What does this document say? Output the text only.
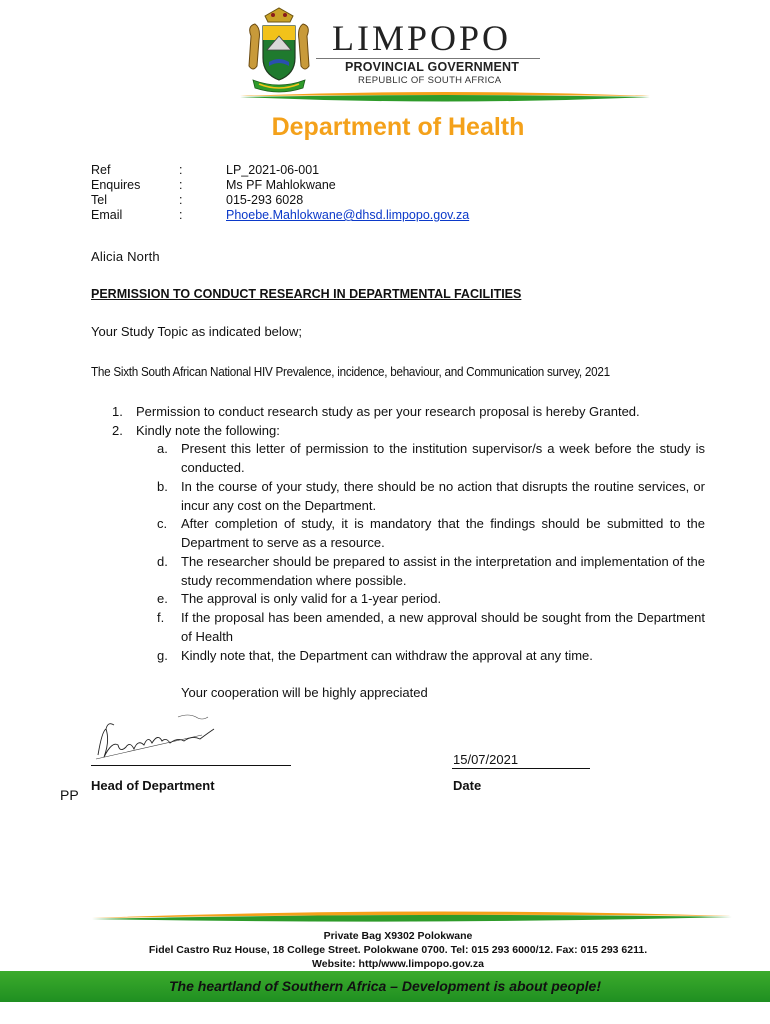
LIMPOPO
PROVINCIAL GOVERNMENT
REPUBLIC OF SOUTH AFRICA
Department of Health
Ref	:	LP_2021-06-001
Enquires	:	Ms PF Mahlokwane
Tel	:	015-293 6028
Email	:	Phoebe.Mahlokwane@dhsd.limpopo.gov.za
Alicia North
PERMISSION TO CONDUCT RESEARCH IN DEPARTMENTAL FACILITIES
Your Study Topic as indicated below;
The Sixth South African National HIV Prevalence, incidence, behaviour, and Communication survey, 2021
1. Permission to conduct research study as per your research proposal is hereby Granted.
2. Kindly note the following:
a.	Present this letter of permission to the institution supervisor/s a week before the study is conducted.
b.	In the course of your study, there should be no action that disrupts the routine services, or incur any cost on the Department.
c.	After completion of study, it is mandatory that the findings should be submitted to the Department to serve as a resource.
d.	The researcher should be prepared to assist in the interpretation and implementation of the study recommendation where possible.
e.	The approval is only valid for a 1-year period.
f.	If the proposal has been amended, a new approval should be sought from the Department of Health
g.	Kindly note that, the Department can withdraw the approval at any time.
Your cooperation will be highly appreciated
15/07/2021
Head of Department	Date
PP
Private Bag X9302 Polokwane
Fidel Castro Ruz House, 18 College Street. Polokwane 0700. Tel: 015 293 6000/12. Fax: 015 293 6211.
Website: http/www.limpopo.gov.za
The heartland of Southern Africa – Development is about people!
